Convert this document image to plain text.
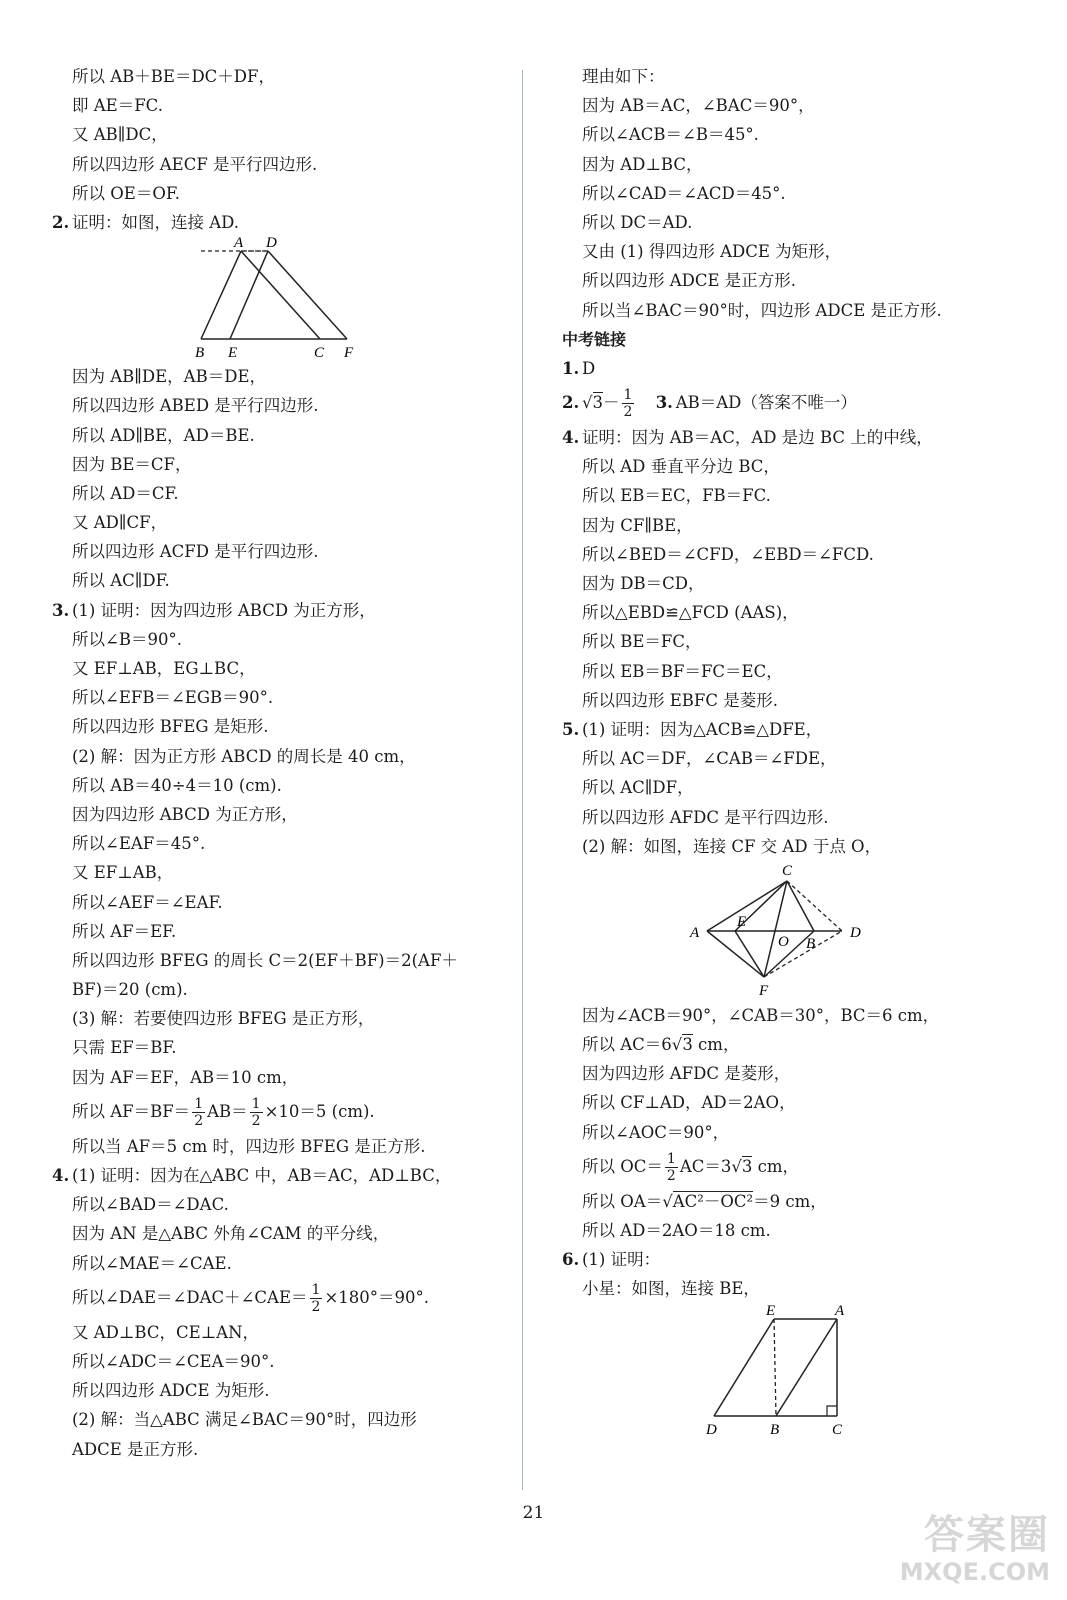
所以 AB＋BE＝DC＋DF，
即 AE＝FC.
又 AB∥DC，
所以四边形 AECF 是平行四边形.
所以 OE＝OF.
2. 证明：如图，连接 AD.
A D
B E	C F
因为 AB∥DE，AB＝DE，
所以四边形 ABED 是平行四边形.
所以 AD∥BE，AD＝BE.
因为 BE＝CF，
所以 AD＝CF.
又 AD∥CF，
所以四边形 ACFD 是平行四边形.
所以 AC∥DF.
3. (1) 证明：因为四边形 ABCD 为正方形，
所以∠B＝90°.
又 EF⊥AB，EG⊥BC，
所以∠EFB＝∠EGB＝90°.
所以四边形 BFEG 是矩形.
(2) 解：因为正方形 ABCD 的周长是 40 cm，
所以 AB＝40÷4＝10 (cm).
因为四边形 ABCD 为正方形，
所以∠EAF＝45°.
又 EF⊥AB，
所以∠AEF＝∠EAF.
所以 AF＝EF.
所以四边形 BFEG 的周长 C＝2(EF＋BF)＝2(AF＋
BF)＝20 (cm).
(3) 解：若要使四边形 BFEG 是正方形，
只需 EF＝BF.
因为 AF＝EF，AB＝10 cm，
所以 $AF=BF= \frac{1}{2} AB= \frac{1}{2} \times 10=5$ (cm).
所以当 AF＝5 cm 时，四边形 BFEG 是正方形.
4. (1) 证明：因为在△ABC 中，AB＝AC，AD⊥BC，
所以∠BAD＝∠DAC.
因为 AN 是△ABC 外角∠CAM 的平分线，
所以∠MAE＝∠CAE.
所以∠DAE＝∠DAC＋∠CAE＝ $\frac{1}{2} \times 180^\circ=90^\circ$.
又 AD⊥BC，CE⊥AN，
所以∠ADC＝∠CEA＝90°.
所以四边形 ADCE 为矩形.
(2) 解：当△ABC 满足∠BAC＝90°时，四边形
ADCE 是正方形.
理由如下：
因为 AB＝AC，∠BAC＝90°，
所以∠ACB＝∠B＝45°.
因为 AD⊥BC，
所以∠CAD＝∠ACD＝45°.
所以 DC＝AD.
又由 (1) 得四边形 ADCE 为矩形，
所以四边形 ADCE 是正方形.
所以当∠BAC＝90°时，四边形 ADCE 是正方形.
中考链接
1. D
2. $√3- \frac{1}{2} 3$. AB＝AD（答案不唯一）
4. 证明：因为 AB＝AC，AD 是边 BC 上的中线，
所以 AD 垂直平分边 BC，
所以 EB＝EC，FB＝FC.
因为 CF∥BE，
所以∠BED＝∠CFD，∠EBD＝∠FCD.
因为 DB＝CD，
所以△EBD≌△FCD (AAS)，
所以 BE＝FC，
所以 EB＝BF＝FC＝EC，
所以四边形 EBFC 是菱形.
5. (1) 证明：因为△ACB≌△DFE，
所以 AC＝DF，∠CAB＝∠FDE，
所以 AC∥DF，
所以四边形 AFDC 是平行四边形.
(2) 解：如图，连接 CF 交 AD 于点 O，
C
A
E
O B
D
F
因为∠ACB＝90°，∠CAB＝30°，BC＝6 cm，
所以 AC＝6√3 cm，
因为四边形 AFDC 是菱形，
所以 CF⊥AD，AD＝2AO，
所以∠AOC＝90°，
所以 $OC= \frac{1}{2} AC=3√3$ cm，
所以 OA＝√AC²－OC²＝9 cm，
所以 AD＝2AO＝18 cm.
6. (1) 证明：
小星：如图，连接 BE，
E	A
D	B	C
21	答案圈
MXQE.COM
